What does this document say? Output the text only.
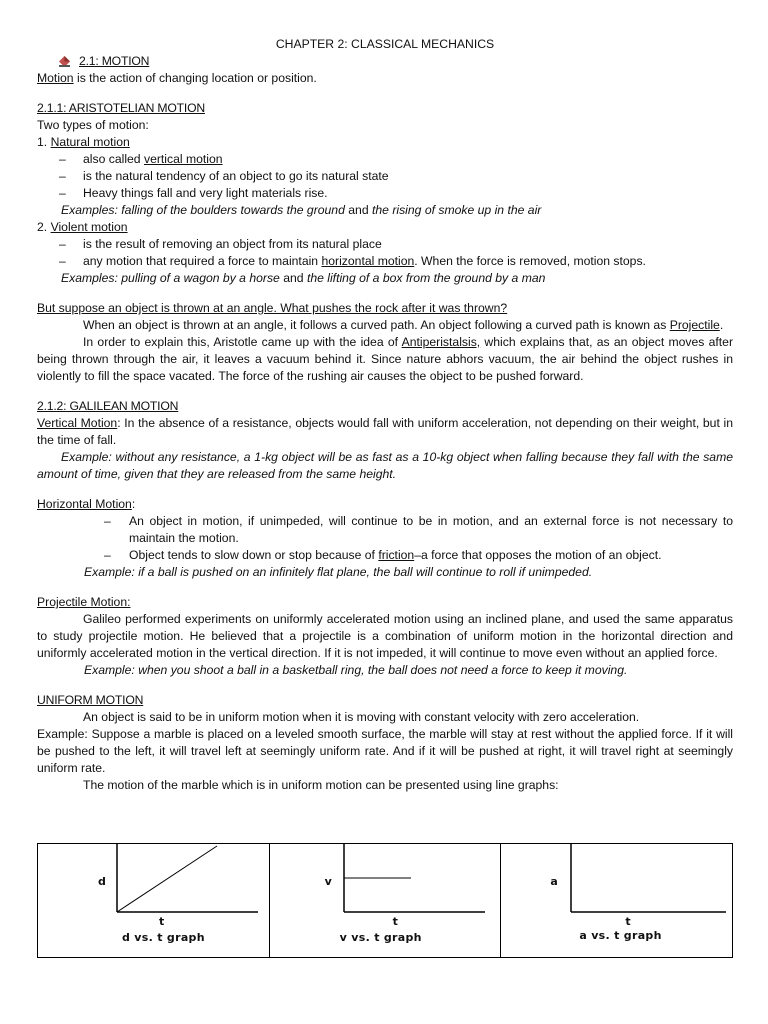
CHAPTER 2: CLASSICAL MECHANICS

2.1: MOTION

Motion is the action of changing location or position.

2.1.1: ARISTOTELIAN MOTION

Two types of motion:

1. Natural motion

–	also called vertical motion
–	is the natural tendency of an object to go its natural state
–	Heavy things fall and very light materials rise.

Examples: falling of the boulders towards the ground and the rising of smoke up in the air

2. Violent motion

–	is the result of removing an object from its natural place
–	any motion that required a force to maintain horizontal motion. When the force is removed, motion stops.

Examples: pulling of a wagon by a horse and the lifting of a box from the ground by a man

But suppose an object is thrown at an angle. What pushes the rock after it was thrown?

When an object is thrown at an angle, it follows a curved path. An object following a curved path is known as Projectile.

In order to explain this, Aristotle came up with the idea of Antiperistalsis, which explains that, as an object moves after being thrown through the air, it leaves a vacuum behind it. Since nature abhors vacuum, the air behind the object rushes in violently to fill the space vacated. The force of the rushing air causes the object to be pushed forward.

2.1.2: GALILEAN MOTION

Vertical Motion: In the absence of a resistance, objects would fall with uniform acceleration, not depending on their weight, but in the time of fall.

Example: without any resistance, a 1-kg object will be as fast as a 10-kg object when falling because they fall with the same amount of time, given that they are released from the same height.

Horizontal Motion:

–	An object in motion, if unimpeded, will continue to be in motion, and an external force is not necessary to maintain the motion.
–	Object tends to slow down or stop because of friction–a force that opposes the motion of an object.

Example: if a ball is pushed on an infinitely flat plane, the ball will continue to roll if unimpeded.

Projectile Motion:

Galileo performed experiments on uniformly accelerated motion using an inclined plane, and used the same apparatus to study projectile motion. He believed that a projectile is a combination of uniform motion in the horizontal direction and uniformly accelerated motion in the vertical direction. If it is not impeded, it will continue to move even without an applied force.

Example: when you shoot a ball in a basketball ring, the ball does not need a force to keep it moving.

UNIFORM MOTION

An object is said to be in uniform motion when it is moving with constant velocity with zero acceleration.

Example: Suppose a marble is placed on a leveled smooth surface, the marble will stay at rest without the applied force. If it will be pushed to the left, it will travel left at seemingly uniform rate. And if it will be pushed at right, it will travel right at seemingly uniform rate.

The motion of the marble which is in uniform motion can be presented using line graphs:

d
t
d vs. t graph
v
t
v vs. t graph
a
t
a vs. t graph
